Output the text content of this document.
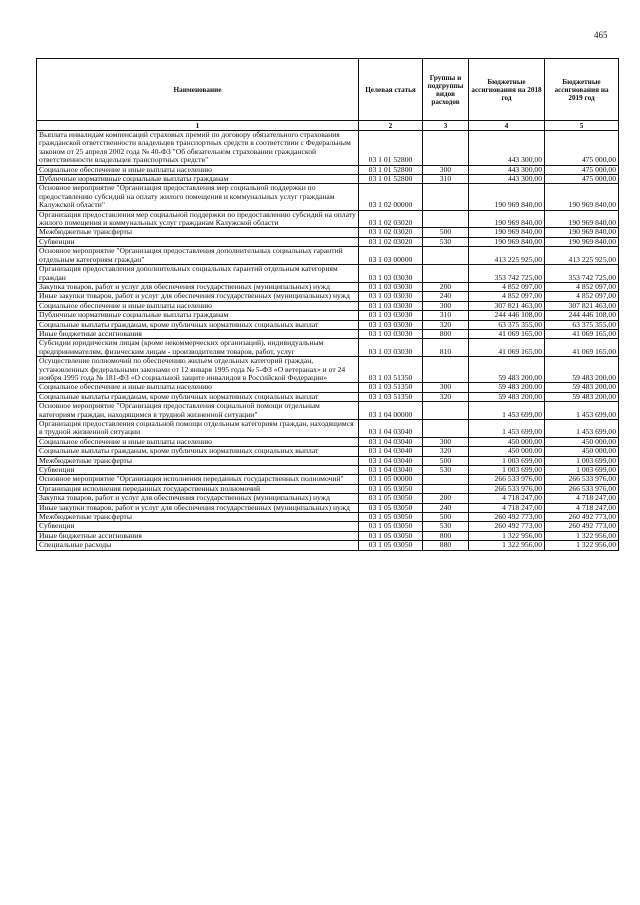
465
Наименование	Целевая статья	Группы и подгруппы видов расходов	Бюджетные ассигнования на 2018 год	Бюджетные ассигнования на 2019 год
1	2	3	4	5
Выплата инвалидам компенсаций страховых премий по договору обязательного страхования гражданской ответственности владельцев транспортных средств в соответствии с Федеральным законом от 25 апреля 2002 года № 40-ФЗ "Об обязательном страховании гражданской ответственности владельцев транспортных средств"	03 1 01 52800		443 300,00	475 000,00
Социальное обеспечение и иные выплаты населению	03 1 01 52800	300	443 300,00	475 000,00
Публичные нормативные социальные выплаты гражданам	03 1 01 52800	310	443 300,00	475 000,00
Основное мероприятие "Организация предоставления мер социальной поддержки по предоставлению субсидий на оплату жилого помещения и коммунальных услуг гражданам Калужской области"	03 1 02 00000		190 969 840,00	190 969 840,00
Организация предоставления мер социальной поддержки по предоставлению субсидий на оплату жилого помещения и коммунальных услуг гражданам Калужской области	03 1 02 03020		190 969 840,00	190 969 840,00
Межбюджетные трансферты	03 1 02 03020	500	190 969 840,00	190 969 840,00
Субвенции	03 1 02 03020	530	190 969 840,00	190 969 840,00
Основное мероприятие "Организация предоставления дополнительных социальных гарантий отдельным категориям граждан"	03 1 03 00000		413 225 925,00	413 225 925,00
Организация предоставления дополнительных социальных гарантий отдельным категориям граждан	03 1 03 03030		353 742 725,00	353 742 725,00
Закупка товаров, работ и услуг для обеспечения государственных (муниципальных) нужд	03 1 03 03030	200	4 852 097,00	4 852 097,00
Иные закупки товаров, работ и услуг для обеспечения государственных (муниципальных) нужд	03 1 03 03030	240	4 852 097,00	4 852 097,00
Социальное обеспечение и иные выплаты населению	03 1 03 03030	300	307 821 463,00	307 821 463,00
Публичные нормативные социальные выплаты гражданам	03 1 03 03030	310	244 446 108,00	244 446 108,00
Социальные выплаты гражданам, кроме публичных нормативных социальных выплат	03 1 03 03030	320	63 375 355,00	63 375 355,00
Иные бюджетные ассигнования	03 1 03 03030	800	41 069 165,00	41 069 165,00
Субсидии юридическим лицам (кроме некоммерческих организаций), индивидуальным предпринимателям, физическим лицам - производителям товаров, работ, услуг	03 1 03 03030	810	41 069 165,00	41 069 165,00
Осуществление полномочий по обеспечению жильем отдельных категорий граждан, установленных федеральными законами от 12 января 1995 года № 5-ФЗ «О ветеранах» и от 24 ноября 1995 года № 181-ФЗ «О социальной защите инвалидов в Российской Федерации»	03 1 03 51350		59 483 200,00	59 483 200,00
Социальное обеспечение и иные выплаты населению	03 1 03 51350	300	59 483 200,00	59 483 200,00
Социальные выплаты гражданам, кроме публичных нормативных социальных выплат	03 1 03 51350	320	59 483 200,00	59 483 200,00
Основное мероприятие "Организация предоставления социальной помощи отдельным категориям граждан, находящимся в трудной жизненной ситуации"	03 1 04 00000		1 453 699,00	1 453 699,00
Организация предоставления социальной помощи отдельным категориям граждан, находящимся в трудной жизненной ситуации	03 1 04 03040		1 453 699,00	1 453 699,00
Социальное обеспечение и иные выплаты населению	03 1 04 03040	300	450 000,00	450 000,00
Социальные выплаты гражданам, кроме публичных нормативных социальных выплат	03 1 04 03040	320	450 000,00	450 000,00
Межбюджетные трансферты	03 1 04 03040	500	1 003 699,00	1 003 699,00
Субвенции	03 1 04 03040	530	1 003 699,00	1 003 699,00
Основное мероприятие "Организация исполнения переданных государственных полномочий"	03 1 05 00000		266 533 976,00	266 533 976,00
Организация исполнения переданных государственных полномочий	03 1 05 03050		266 533 976,00	266 533 976,00
Закупка товаров, работ и услуг для обеспечения государственных (муниципальных) нужд	03 1 05 03050	200	4 718 247,00	4 718 247,00
Иные закупки товаров, работ и услуг для обеспечения государственных (муниципальных) нужд	03 1 05 03050	240	4 718 247,00	4 718 247,00
Межбюджетные трансферты	03 1 05 03050	500	260 492 773,00	260 492 773,00
Субвенции	03 1 05 03050	530	260 492 773,00	260 492 773,00
Иные бюджетные ассигнования	03 1 05 03050	800	1 322 956,00	1 322 956,00
Специальные расходы	03 1 05 03050	880	1 322 956,00	1 322 956,00
